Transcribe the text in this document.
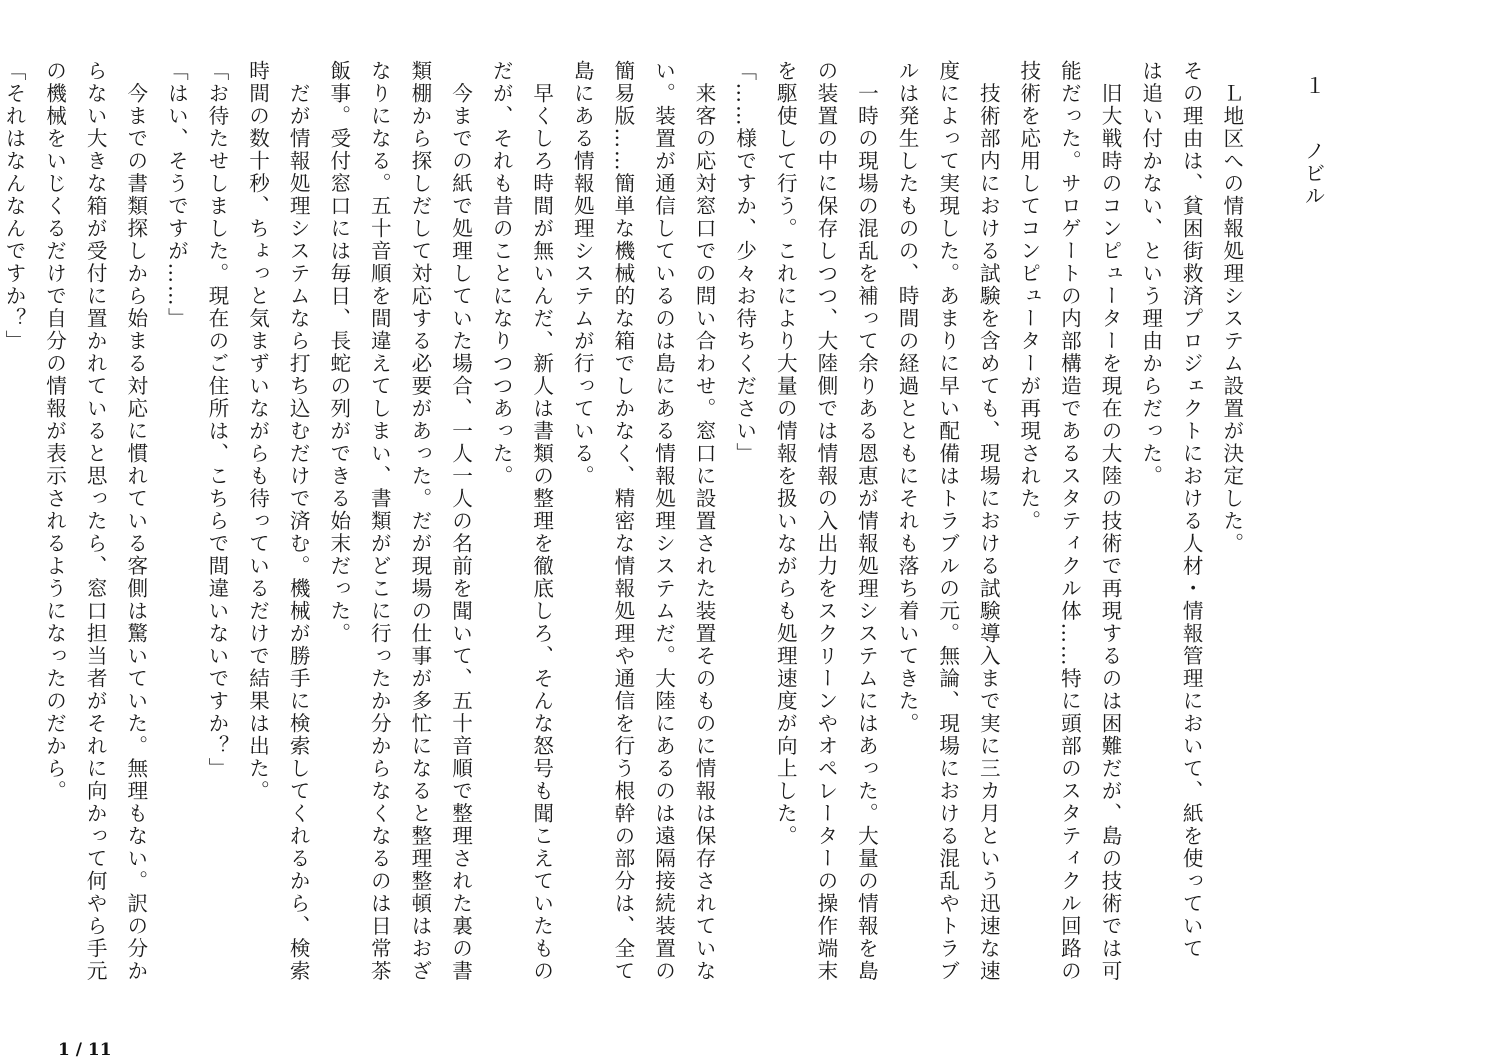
１　ノビル
　Ｌ地区への情報処理システム設置が決定した。
その理由は、貧困街救済プロジェクトにおける人材・情報管理において、紙を使っていて
は追い付かない、という理由からだった。
　旧大戦時のコンピューターを現在の大陸の技術で再現するのは困難だが、島の技術では可
能だった。サロゲートの内部構造であるスタティクル体……特に頭部のスタティクル回路の
技術を応用してコンピューターが再現された。
　技術部内における試験を含めても、現場における試験導入まで実に三カ月という迅速な速
度によって実現した。あまりに早い配備はトラブルの元。無論、現場における混乱やトラブ
ルは発生したものの、時間の経過とともにそれも落ち着いてきた。
　一時の現場の混乱を補って余りある恩恵が情報処理システムにはあった。大量の情報を島
の装置の中に保存しつつ、大陸側では情報の入出力をスクリーンやオペレーターの操作端末
を駆使して行う。これにより大量の情報を扱いながらも処理速度が向上した。
「……様ですか、少々お待ちください」
　来客の応対窓口での問い合わせ。窓口に設置された装置そのものに情報は保存されていな
い。装置が通信しているのは島にある情報処理システムだ。大陸にあるのは遠隔接続装置の
簡易版……簡単な機械的な箱でしかなく、精密な情報処理や通信を行う根幹の部分は、全て
島にある情報処理システムが行っている。
　早くしろ時間が無いんだ、新人は書類の整理を徹底しろ、そんな怒号も聞こえていたもの
だが、それも昔のことになりつつあった。
　今までの紙で処理していた場合、一人一人の名前を聞いて、五十音順で整理された裏の書
類棚から探しだして対応する必要があった。だが現場の仕事が多忙になると整理整頓はおざ
なりになる。五十音順を間違えてしまい、書類がどこに行ったか分からなくなるのは日常茶
飯事。受付窓口には毎日、長蛇の列ができる始末だった。
　だが情報処理システムなら打ち込むだけで済む。機械が勝手に検索してくれるから、検索
時間の数十秒、ちょっと気まずいながらも待っているだけで結果は出た。
「お待たせしました。現在のご住所は、こちらで間違いないですか？」
「はい、そうですが……」
　今までの書類探しから始まる対応に慣れている客側は驚いていた。無理もない。訳の分か
らない大きな箱が受付に置かれていると思ったら、窓口担当者がそれに向かって何やら手元
の機械をいじくるだけで自分の情報が表示されるようになったのだから。
「それはなんなんですか？」
1 / 11
